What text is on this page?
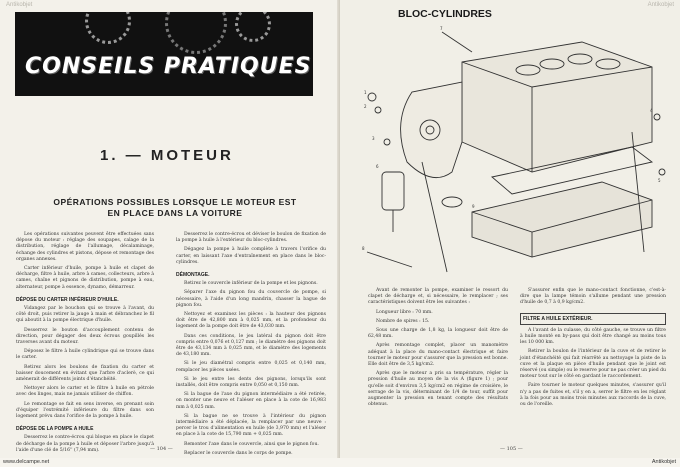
CONSEILS PRATIQUES
1. — MOTEUR
OPÉRATIONS POSSIBLES LORSQUE LE MOTEUR EST EN PLACE DANS LA VOITURE

Les opérations suivantes peuvent être effectuées sans dépose du moteur : réglage des soupapes, calage de la distribution, réglage de l'allumage, décalaminage, échange des cylindres et pistons, dépose et remontage des organes annexes.

Carter inférieur d'huile, pompe à huile et clapet de décharge, filtre à huile, arbre à cames, collecteurs, arbre à cames, chaîne et pignons de distribution, pompe à eau, alternateur, pompe à essence, dynamo, démarreur.

DÉPOSE DU CARTER INFÉRIEUR D'HUILE.

Vidangez par le bouchon qui se trouve à l'avant, du côté droit, puis retirer la jauge à main et débranchez le fil qui aboutit à la pompe électrique d'huile.

Desserrez le bouton d'accouplement contenu de direction, pour dégager des deux écrous goupillés les traverses avant du moteur.

Déposez le filtre à huile cylindrique qui se trouve dans le carter.

Retirez alors les boulons de fixation du carter et baisser doucement en évitant que l'arbre d'aclerè, ce qui amènerait de différents joints d'étanchéité.

Nettoyer alors le carter et le filtre à huile en pétrole avec des linges, mais ne jamais utiliser de chiffon.

Le remontage se fait en sens inverse, en prenant soin d'équiper l'extrémité inférieure du filtre dans son logement prévu dans l'orifice de la pompe à huile.

DÉPOSE DE LA POMPE A HUILE

Desserrez le contre-écrou qui bloque en place le clapet de décharge de la pompe à huile et déposer l'arbre jusqu'à l'aide d'une clé de 5/16'' (7,94 mm).

Desserrez le contre-écrou et déviser le boulon de fixation de la pompe à huile à l'extérieur du bloc-cylindres.

Dégagez la pompe à huile complète à travers l'orifice du carter, en laissant l'axe d'entraînement en place dans le bloc-cylindres.

DÉMONTAGE.

Retirez le couvercle inférieur de la pompe et les pignons.

Séparer l'axe du pignon fou du couvercle de pompe, si nécessaire, à l'aide d'un long mandrin, chasser la bague de pignon fou.

Nettoyez et examinez les pièces : la hauteur des pignons doit être de 42,800 mm à 0,025 mm, et la profondeur du logement de la pompe doit être de 43,030 mm.

Dans ces conditions, le jeu latéral du pignon doit être compris entre 0,076 et 0,127 mm ; le diamètre des pignons doit être de 43,134 mm à 0,025 mm, et le diamètre des logements de 43,180 mm.

Si le jeu diamétral compris entre 0,025 et 0,140 mm, remplacer les pièces usées.

Si le jeu entre les dents des pignons, lorsqu'ils sont installés, doit être compris entre 0,050 et 0,150 mm.

Si la bague de l'axe du pignon intermédiaire a été retirée, on monter une neuve et l'aléser en place à la cote de 16,983 mm à 0,025 mm.

Si la bague ne se trouve à l'intérieur du pignon intermédiaire a été déplacée, la remplacer par une neuve : percer le trou d'alimentation en huile (de 3,970 mm) et l'aléser en place à la cote de 15,790 mm + 0,025 mm.

Remonter l'axe dans le couvercle, ainsi que le pignon fou.

Replacer le couvercle dans le corps de pompe.

— 104 —
BLOC-CYLINDRES
1
2
3
4
5
6
7
8
9

Avant de remonter la pompe, examiner le ressort du clapet de décharge et, si nécessaire, le remplacer ; ses caractéristiques doivent être les suivantes :

Longueur libre : 70 mm.

Nombre de spires : 15.

Sous une charge de 1,8 kg, la longueur doit être de 62,48 mm.

Après remontage complet, placer un manomètre adéquat à la place du mano-contact électrique et faire tourner le moteur pour s'assurer que la pression est bonne. Elle doit être de 3,5 kg/cm2.

Après que le moteur a pris sa température, régler la pression d'huile au moyen de la vis A (figure 1) ; pour qu'elle soit d'environ 3,5 kg/cm2 en régime de croisière, le serrage de la vis, déterminant de 1/4 de tour, suffit pour augmenter la pression en tenant compte des résultats obtenus.

S'assurer enfin que le mano-contact fonctionne, c'est-à-dire que la lampe témoin s'allume pendant une pression d'huile de 0,7 à 0,9 kg/cm2.

FILTRE A HUILE EXTÉRIEUR.

A l'avant de la culasse, du côté gauche, se trouve un filtre à huile monté en by-pass qui doit être changé au moins tous les 10 000 km.

Retirer la boulon de l'intérieur de la cuve et de retirer le joint d'étanchéité qui fait réarrêté au nettoyage la piste de la cuve et la plaque en pièce d'huile pendant que le joint est réservé (ou simple) ou le reserve pour ne pas créer un pied du moteur tout sur le côté en gardant le raccordement.

Faire tourner le moteur quelques minutes, s'assurer qu'il n'y a pas de fuites et, s'il y en a, serrer le filtre en les réglant à la fois pour au moins trois minutes aux raccords de la cuve, ou de l'oreille.

— 105 —
Antikobjet	Antikobjet
www.delcampe.net	Antikobjet
